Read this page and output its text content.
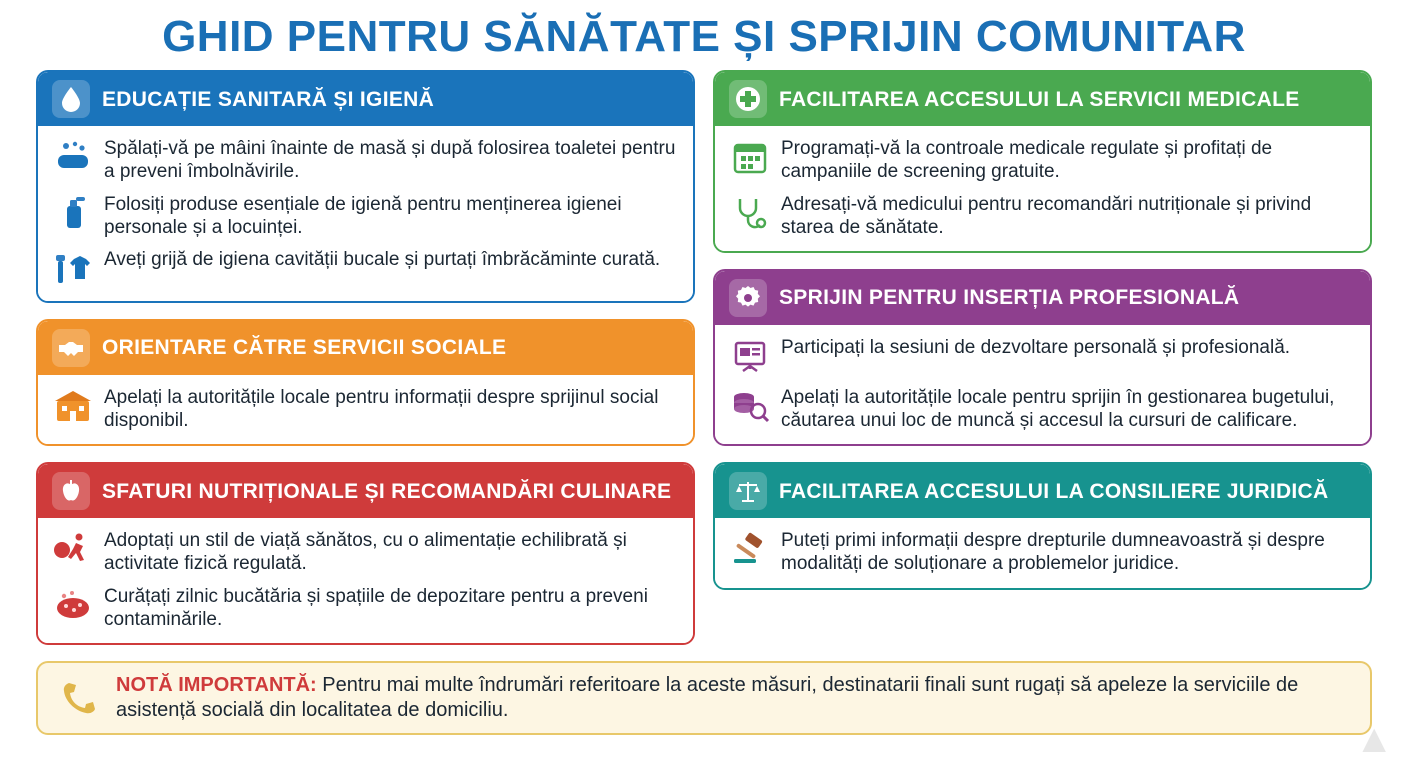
GHID PENTRU SĂNĂTATE ȘI SPRIJIN COMUNITAR
EDUCAȚIE SANITARĂ ȘI IGIENĂ
Spălați-vă pe mâini înainte de masă și după folosirea toaletei pentru a preveni îmbolnăvirile.
Folosiți produse esențiale de igienă pentru menținerea igienei personale și a locuinței.
Aveți grijă de igiena cavității bucale și purtați îmbrăcăminte curată.
ORIENTARE CĂTRE SERVICII SOCIALE
Apelați la autoritățile locale pentru informații despre sprijinul social disponibil.
SFATURI NUTRIȚIONALE ȘI RECOMANDĂRI CULINARE
Adoptați un stil de viață sănătos, cu o alimentație echilibrată și activitate fizică regulată.
Curățați zilnic bucătăria și spațiile de depozitare pentru a preveni contaminările.
FACILITAREA ACCESULUI LA SERVICII MEDICALE
Programați-vă la controale medicale regulate și profitați de campaniile de screening gratuite.
Adresați-vă medicului pentru recomandări nutriționale și privind starea de sănătate.
SPRIJIN PENTRU INSERȚIA PROFESIONALĂ
Participați la sesiuni de dezvoltare personală și profesională.
Apelați la autoritățile locale pentru sprijin în gestionarea bugetului, căutarea unui loc de muncă și accesul la cursuri de calificare.
FACILITAREA ACCESULUI LA CONSILIERE JURIDICĂ
Puteți primi informații despre drepturile dumneavoastră și despre modalități de soluționare a problemelor juridice.
NOTĂ IMPORTANTĂ: Pentru mai multe îndrumări referitoare la aceste măsuri, destinatarii finali sunt rugați să apeleze la serviciile de asistență socială din localitatea de domiciliu.
▲
